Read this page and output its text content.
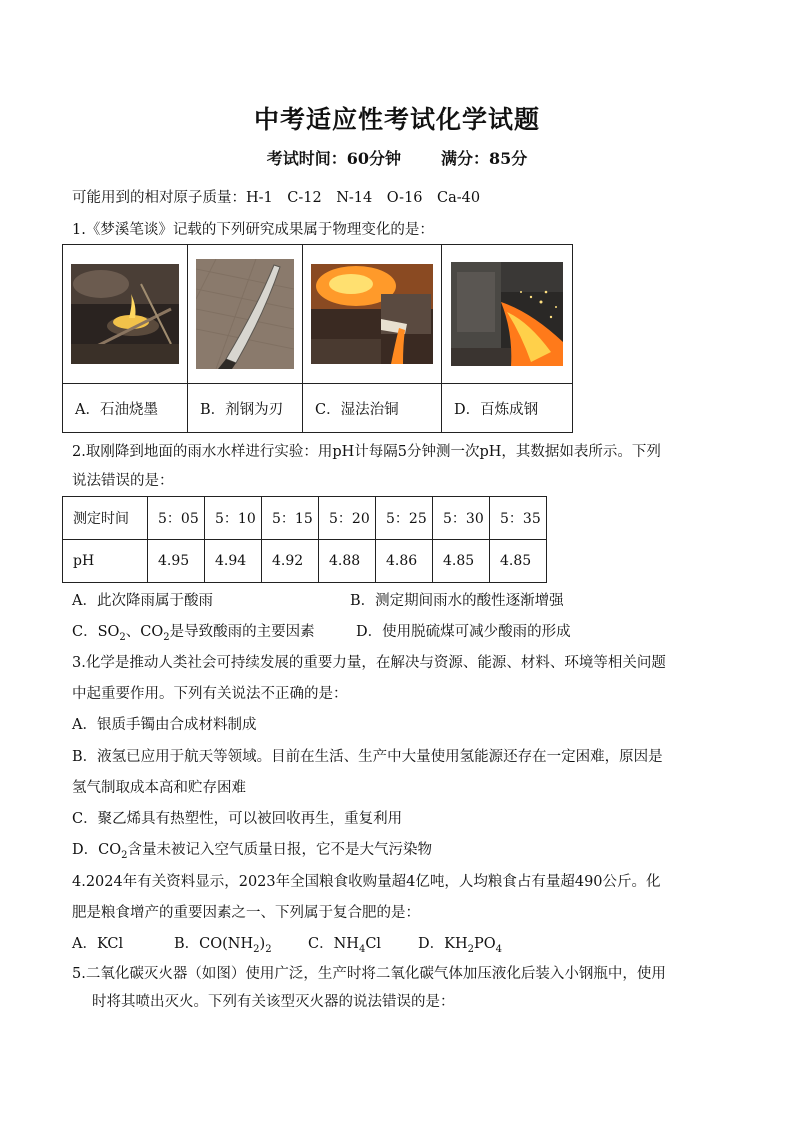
中考适应性考试化学试题
考试时间：60分钟	满分：85分
可能用到的相对原子质量：H-1　C-12　N-14　O-16　Ca-40
1.《梦溪笔谈》记载的下列研究成果属于物理变化的是：

A．石油烧墨	B．剂钢为刃	C．湿法治铜	D．百炼成钢
2.取刚降到地面的雨水水样进行实验：用pH计每隔5分钟测一次pH，其数据如表所示。下列
说法错误的是：
测定时间	5：05	5：10	5：15	5：20	5：25	5：30	5：35
pH	4.95	4.94	4.92	4.88	4.86	4.85	4.85
A．此次降雨属于酸雨	B．测定期间雨水的酸性逐渐增强
C．$SO_2$、$CO_2$是导致酸雨的主要因素	D．使用脱硫煤可减少酸雨的形成
3.化学是推动人类社会可持续发展的重要力量，在解决与资源、能源、材料、环境等相关问题
中起重要作用。下列有关说法不正确的是：
A．银质手镯由合成材料制成
B．液氢已应用于航天等领域。目前在生活、生产中大量使用氢能源还存在一定困难，原因是
氢气制取成本高和贮存困难
C．聚乙烯具有热塑性，可以被回收再生，重复利用
D．$CO_2$含量未被记入空气质量日报，它不是大气污染物
4.2024年有关资料显示，2023年全国粮食收购量超4亿吨，人均粮食占有量超490公斤。化
肥是粮食增产的重要因素之一、下列属于复合肥的是：
A．KCl	B．$CO(NH_2)_2$	C．$NH_4Cl$	D．$KH_2PO_4$
5.二氧化碳灭火器（如图）使用广泛，生产时将二氧化碳气体加压液化后装入小钢瓶中，使用
时将其喷出灭火。下列有关该型灭火器的说法错误的是：
